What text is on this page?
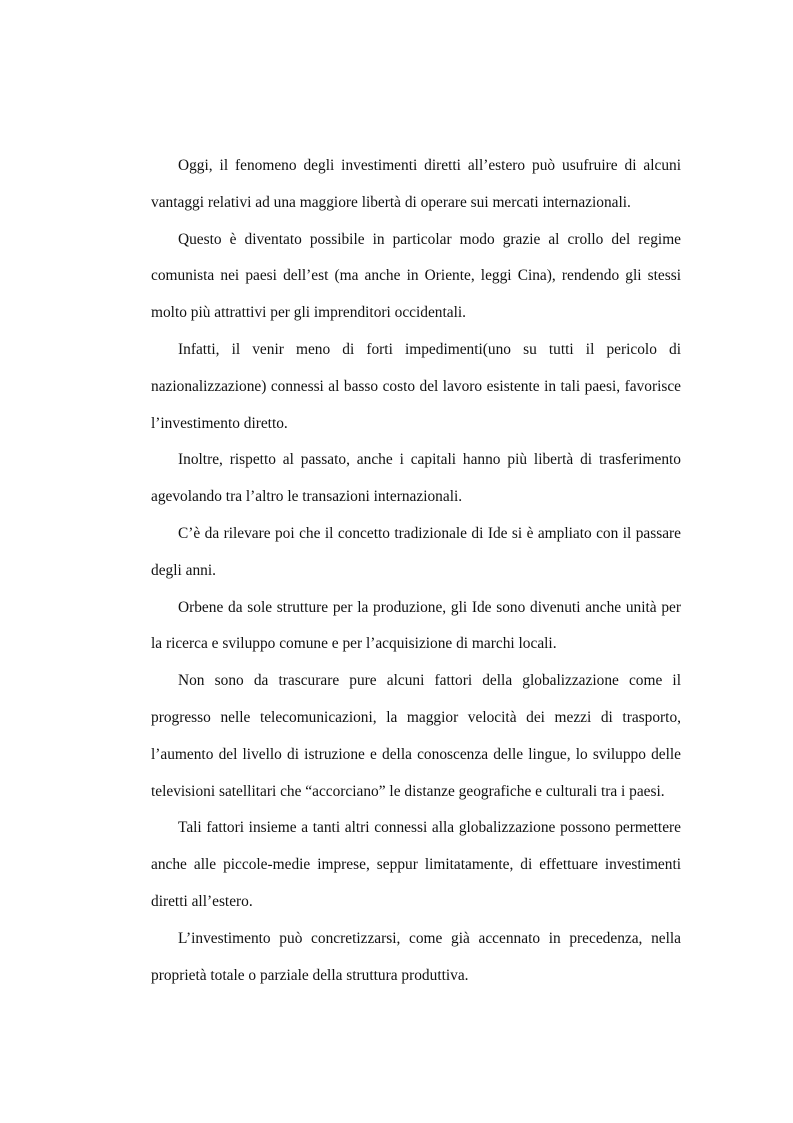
Oggi, il fenomeno degli investimenti diretti all’estero può usufruire di alcuni vantaggi relativi ad una maggiore libertà di operare sui mercati internazionali.

Questo è diventato possibile in particolar modo grazie al crollo del regime comunista nei paesi dell’est (ma anche in Oriente, leggi Cina), rendendo gli stessi molto più attrattivi per gli imprenditori occidentali.

Infatti, il venir meno di forti impedimenti(uno su tutti il pericolo di nazionalizzazione) connessi al basso costo del lavoro esistente in tali paesi, favorisce l’investimento diretto.

Inoltre, rispetto al passato, anche i capitali hanno più libertà di trasferimento agevolando tra l’altro le transazioni internazionali.

C’è da rilevare poi che il concetto tradizionale di Ide si è ampliato con il passare degli anni.

Orbene da sole strutture per la produzione, gli Ide sono divenuti anche unità per la ricerca e sviluppo comune e per l’acquisizione di marchi locali.

Non sono da trascurare pure alcuni fattori della globalizzazione come il progresso nelle telecomunicazioni, la maggior velocità dei mezzi di trasporto, l’aumento del livello di istruzione e della conoscenza delle lingue, lo sviluppo delle televisioni satellitari che “accorciano” le distanze geografiche e culturali tra i paesi.

Tali fattori insieme a tanti altri connessi alla globalizzazione possono permettere anche alle piccole-medie imprese, seppur limitatamente, di effettuare investimenti diretti all’estero.

L’investimento può concretizzarsi, come già accennato in precedenza, nella proprietà totale o parziale della struttura produttiva.
